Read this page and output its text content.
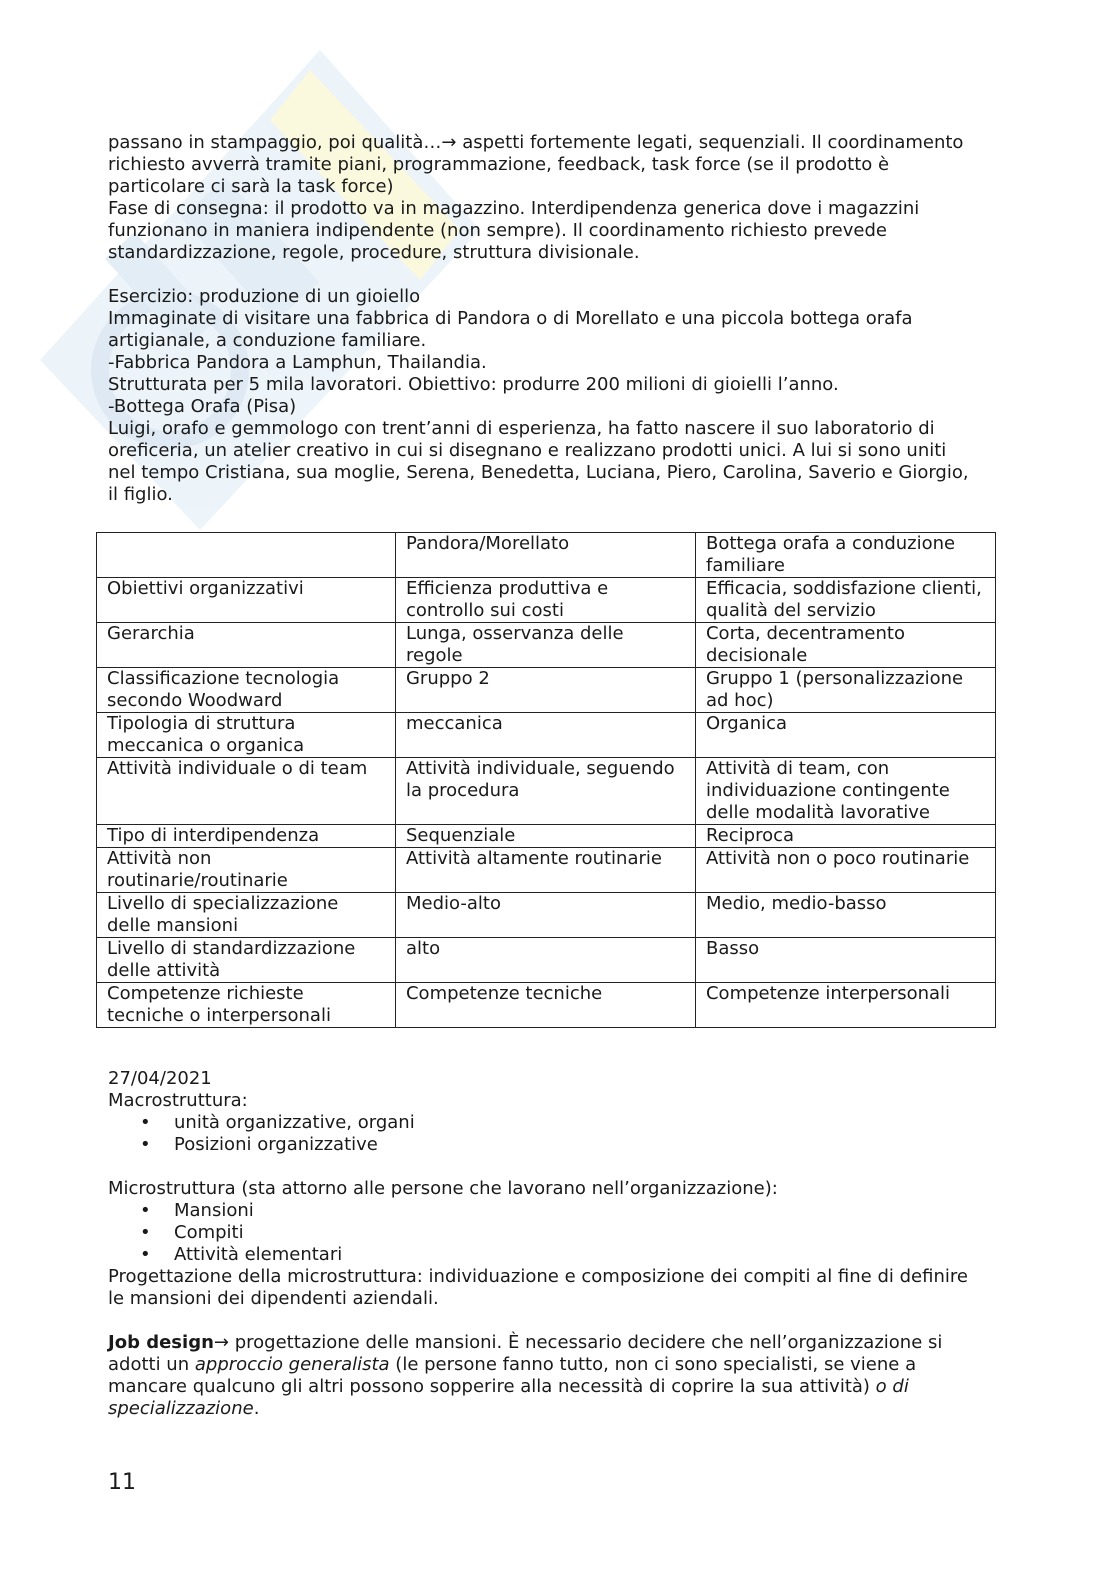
passano in stampaggio, poi qualità…→ aspetti fortemente legati, sequenziali. Il coordinamento

richiesto avverrà tramite piani, programmazione, feedback, task force (se il prodotto è

particolare ci sarà la task force)

Fase di consegna: il prodotto va in magazzino. Interdipendenza generica dove i magazzini

funzionano in maniera indipendente (non sempre). Il coordinamento richiesto prevede

standardizzazione, regole, procedure, struttura divisionale.

Esercizio: produzione di un gioiello

Immaginate di visitare una fabbrica di Pandora o di Morellato e una piccola bottega orafa

artigianale, a conduzione familiare.

-Fabbrica Pandora a Lamphun, Thailandia.

Strutturata per 5 mila lavoratori. Obiettivo: produrre 200 milioni di gioielli l’anno.

-Bottega Orafa (Pisa)

Luigi, orafo e gemmologo con trent’anni di esperienza, ha fatto nascere il suo laboratorio di

oreficeria, un atelier creativo in cui si disegnano e realizzano prodotti unici. A lui si sono uniti

nel tempo Cristiana, sua moglie, Serena, Benedetta, Luciana, Piero, Carolina, Saverio e Giorgio,

il figlio.

	Pandora/Morellato	Bottega orafa a conduzione familiare
Obiettivi organizzativi	Efficienza produttiva e controllo sui costi	Efficacia, soddisfazione clienti, qualità del servizio
Gerarchia	Lunga, osservanza delle regole	Corta, decentramento decisionale
Classificazione tecnologia secondo Woodward	Gruppo 2	Gruppo 1 (personalizzazione ad hoc)
Tipologia di struttura meccanica o organica	meccanica	Organica
Attività individuale o di team	Attività individuale, seguendo la procedura	Attività di team, con individuazione contingente delle modalità lavorative
Tipo di interdipendenza	Sequenziale	Reciproca
Attività non routinarie/routinarie	Attività altamente routinarie	Attività non o poco routinarie
Livello di specializzazione delle mansioni	Medio-alto	Medio, medio-basso
Livello di standardizzazione delle attività	alto	Basso
Competenze richieste tecniche o interpersonali	Competenze tecniche	Competenze interpersonali

27/04/2021

Macrostruttura:

• unità organizzative, organi
• Posizioni organizzative

Microstruttura (sta attorno alle persone che lavorano nell’organizzazione):

• Mansioni
• Compiti
• Attività elementari

Progettazione della microstruttura: individuazione e composizione dei compiti al fine di definire

le mansioni dei dipendenti aziendali.

Job design→ progettazione delle mansioni. È necessario decidere che nell’organizzazione si

adotti un approccio generalista (le persone fanno tutto, non ci sono specialisti, se viene a

mancare qualcuno gli altri possono sopperire alla necessità di coprire la sua attività) o di

specializzazione.

11
